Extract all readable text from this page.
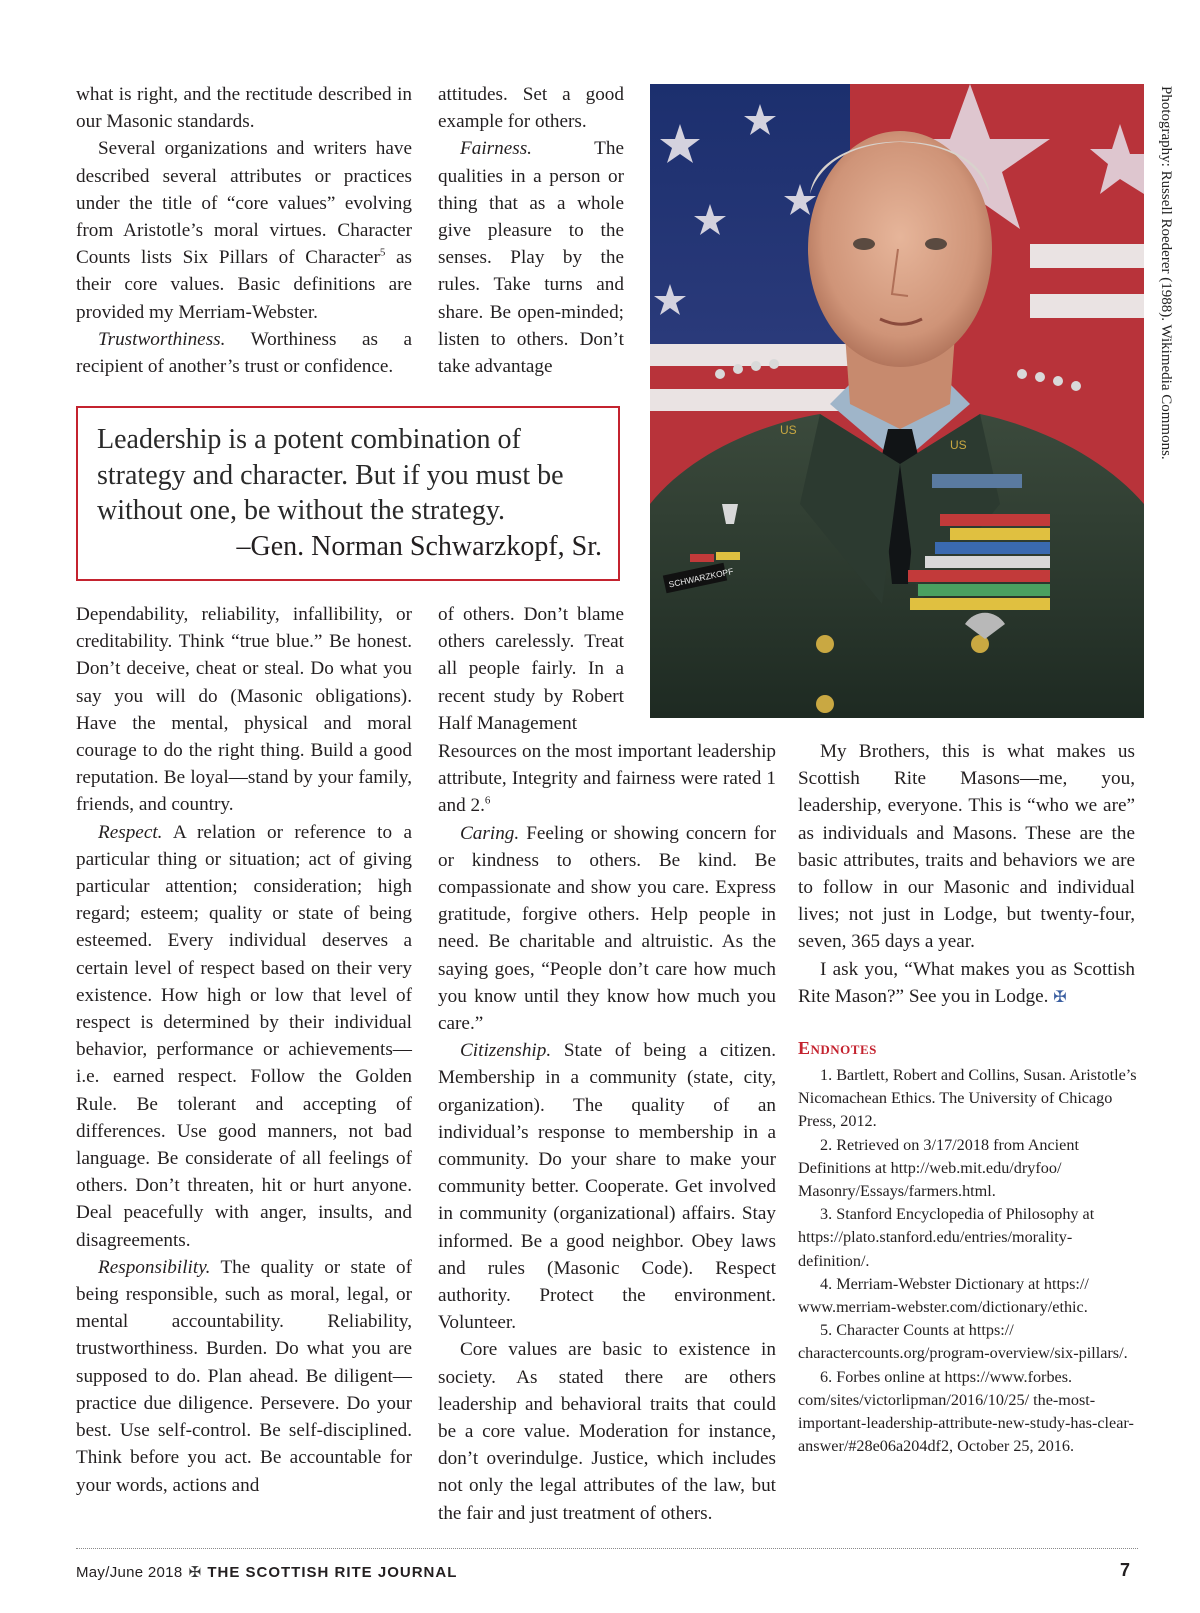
what is right, and the rectitude described in our Masonic standards.

Several organizations and writers have described several attributes or practices under the title of “core values” evolving from Aristotle’s moral virtues. Character Counts lists Six Pillars of Character$^5$ as their core values. Basic definitions are provided my Merriam-Webster.

Trustworthiness. Worthiness as a recipient of another’s trust or confidence.

attitudes. Set a good example for others.

Fairness. The qualities in a person or thing that as a whole give pleasure to the senses. Play by the rules. Take turns and share. Be open-minded; listen to others. Don’t take advantage

Leadership is a potent combination of
strategy and character. But if you must be
without one, be without the strategy.
–Gen. Norman Schwarzkopf, Sr.
US
US
SCHWARZKOPF
Photography: Russell Roederer (1988). Wikimedia Commons.

Dependability, reliability, infallibility, or creditability. Think “true blue.” Be honest. Don’t deceive, cheat or steal. Do what you say you will do (Masonic obligations). Have the mental, physical and moral courage to do the right thing. Build a good reputation. Be loyal—stand by your family, friends, and country.

Respect. A relation or reference to a particular thing or situation; act of giving particular attention; consideration; high regard; esteem; quality or state of being esteemed. Every individual deserves a certain level of respect based on their very existence. How high or low that level of respect is determined by their individual behavior, performance or achievements—i.e. earned respect. Follow the Golden Rule. Be tolerant and accepting of differences. Use good manners, not bad language. Be considerate of all feelings of others. Don’t threaten, hit or hurt anyone. Deal peacefully with anger, insults, and disagreements.

Responsibility. The quality or state of being responsible, such as moral, legal, or mental accountability. Reliability, trustworthiness. Burden. Do what you are supposed to do. Plan ahead. Be diligent—practice due diligence. Persevere. Do your best. Use self-control. Be self-disciplined. Think before you act. Be accountable for your words, actions and

of others. Don’t blame others carelessly. Treat all people fairly. In a recent study by Robert Half Management

Resources on the most important leadership attribute, Integrity and fairness were rated 1 and 2.$^6$

Caring. Feeling or showing concern for or kindness to others. Be kind. Be compassionate and show you care. Express gratitude, forgive others. Help people in need. Be charitable and altruistic. As the saying goes, “People don’t care how much you know until they know how much you care.”

Citizenship. State of being a citizen. Membership in a community (state, city, organization). The quality of an individual’s response to membership in a community. Do your share to make your community better. Cooperate. Get involved in community (organizational) affairs. Stay informed. Be a good neighbor. Obey laws and rules (Masonic Code). Respect authority. Protect the environment. Volunteer.

Core values are basic to existence in society. As stated there are others leadership and behavioral traits that could be a core value. Moderation for instance, don’t overindulge. Justice, which includes not only the legal attributes of the law, but the fair and just treatment of others.

My Brothers, this is what makes us Scottish Rite Masons—me, you, leadership, everyone. This is “who we are” as individuals and Masons. These are the basic attributes, traits and behaviors we are to follow in our Masonic and individual lives; not just in Lodge, but twenty-four, seven, 365 days a year.

I ask you, “What makes you as Scottish Rite Mason?” See you in Lodge. ✠

Endnotes

1. Bartlett, Robert and Collins, Susan. Aristotle’s Nicomachean Ethics. The University of Chicago Press, 2012.

2. Retrieved on 3/17/2018 from Ancient Definitions at http://web.mit.edu/dryfoo/ Masonry/Essays/farmers.html.

3. Stanford Encyclopedia of Philosophy at https://plato.stanford.edu/entries/morality-definition/.

4. Merriam-Webster Dictionary at https:// www.merriam-webster.com/dictionary/ethic.

5. Character Counts at https:// charactercounts.org/program-overview/six-pillars/.

6. Forbes online at https://www.forbes. com/sites/victorlipman/2016/10/25/ the-most-important-leadership-attribute-new-study-has-clear-answer/#28e06a204df2, October 25, 2016.

May/June 2018 ✠ THE SCOTTISH RITE JOURNAL	7
